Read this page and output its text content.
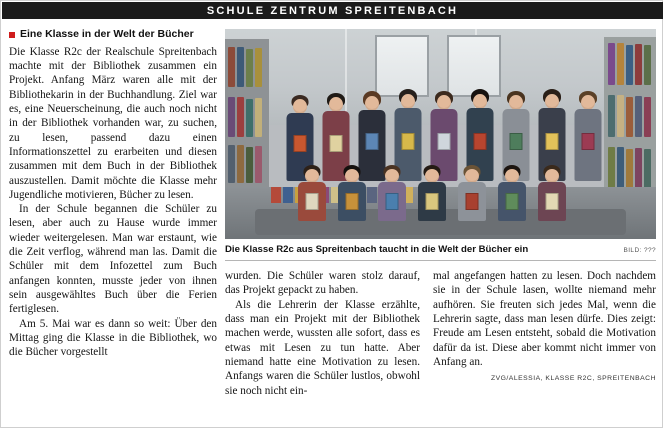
SCHULE ZENTRUM SPREITENBACH
Eine Klasse in der Welt der Bücher

Die Klasse R2c der Realschule Spreitenbach machte mit der Bibliothek zusammen ein Projekt. Anfang März waren alle mit der Bibliothekarin in der Buchhandlung. Ziel war es, eine Neuerscheinung, die auch noch nicht in der Bibliothek vorhanden war, zu suchen, zu lesen, passend dazu einen Informationszettel zu erarbeiten und diesen zusammen mit dem Buch in der Bibliothek auszustellen. Damit möchte die Klasse mehr Jugendliche motivieren, Bücher zu lesen.

In der Schule begannen die Schüler zu lesen, aber auch zu Hause wurde immer wieder weitergelesen. Man war erstaunt, wie die Zeit verflog, während man las. Damit die Schüler mit dem Infozettel zum Buch anfangen konnten, musste jeder von ihnen sein ausgewähltes Buch über die Ferien fertiglesen.

Am 5. Mai war es dann so weit: Über den Mittag ging die Klasse in die Bibliothek, wo die Bücher vorgestellt

Die Klasse R2c aus Spreitenbach taucht in die Welt der Bücher ein	BILD: ???

wurden. Die Schüler waren stolz darauf, das Projekt gepackt zu haben.

Als die Lehrerin der Klasse erzählte, dass man ein Projekt mit der Bibliothek machen werde, wussten alle sofort, dass es etwas mit Lesen zu tun hatte. Aber niemand hatte eine Motivation zu lesen. Anfangs waren die Schüler lustlos, obwohl sie noch nicht ein-

mal angefangen hatten zu lesen. Doch nachdem sie in der Schule lasen, wollte niemand mehr aufhören. Sie freuten sich jedes Mal, wenn die Lehrerin sagte, dass man lesen dürfe. Dies zeigt: Freude am Lesen entsteht, sobald die Motivation dafür da ist. Diese aber kommt nicht immer von Anfang an.

ZVG/ALESSIA, KLASSE R2C, SPREITENBACH
